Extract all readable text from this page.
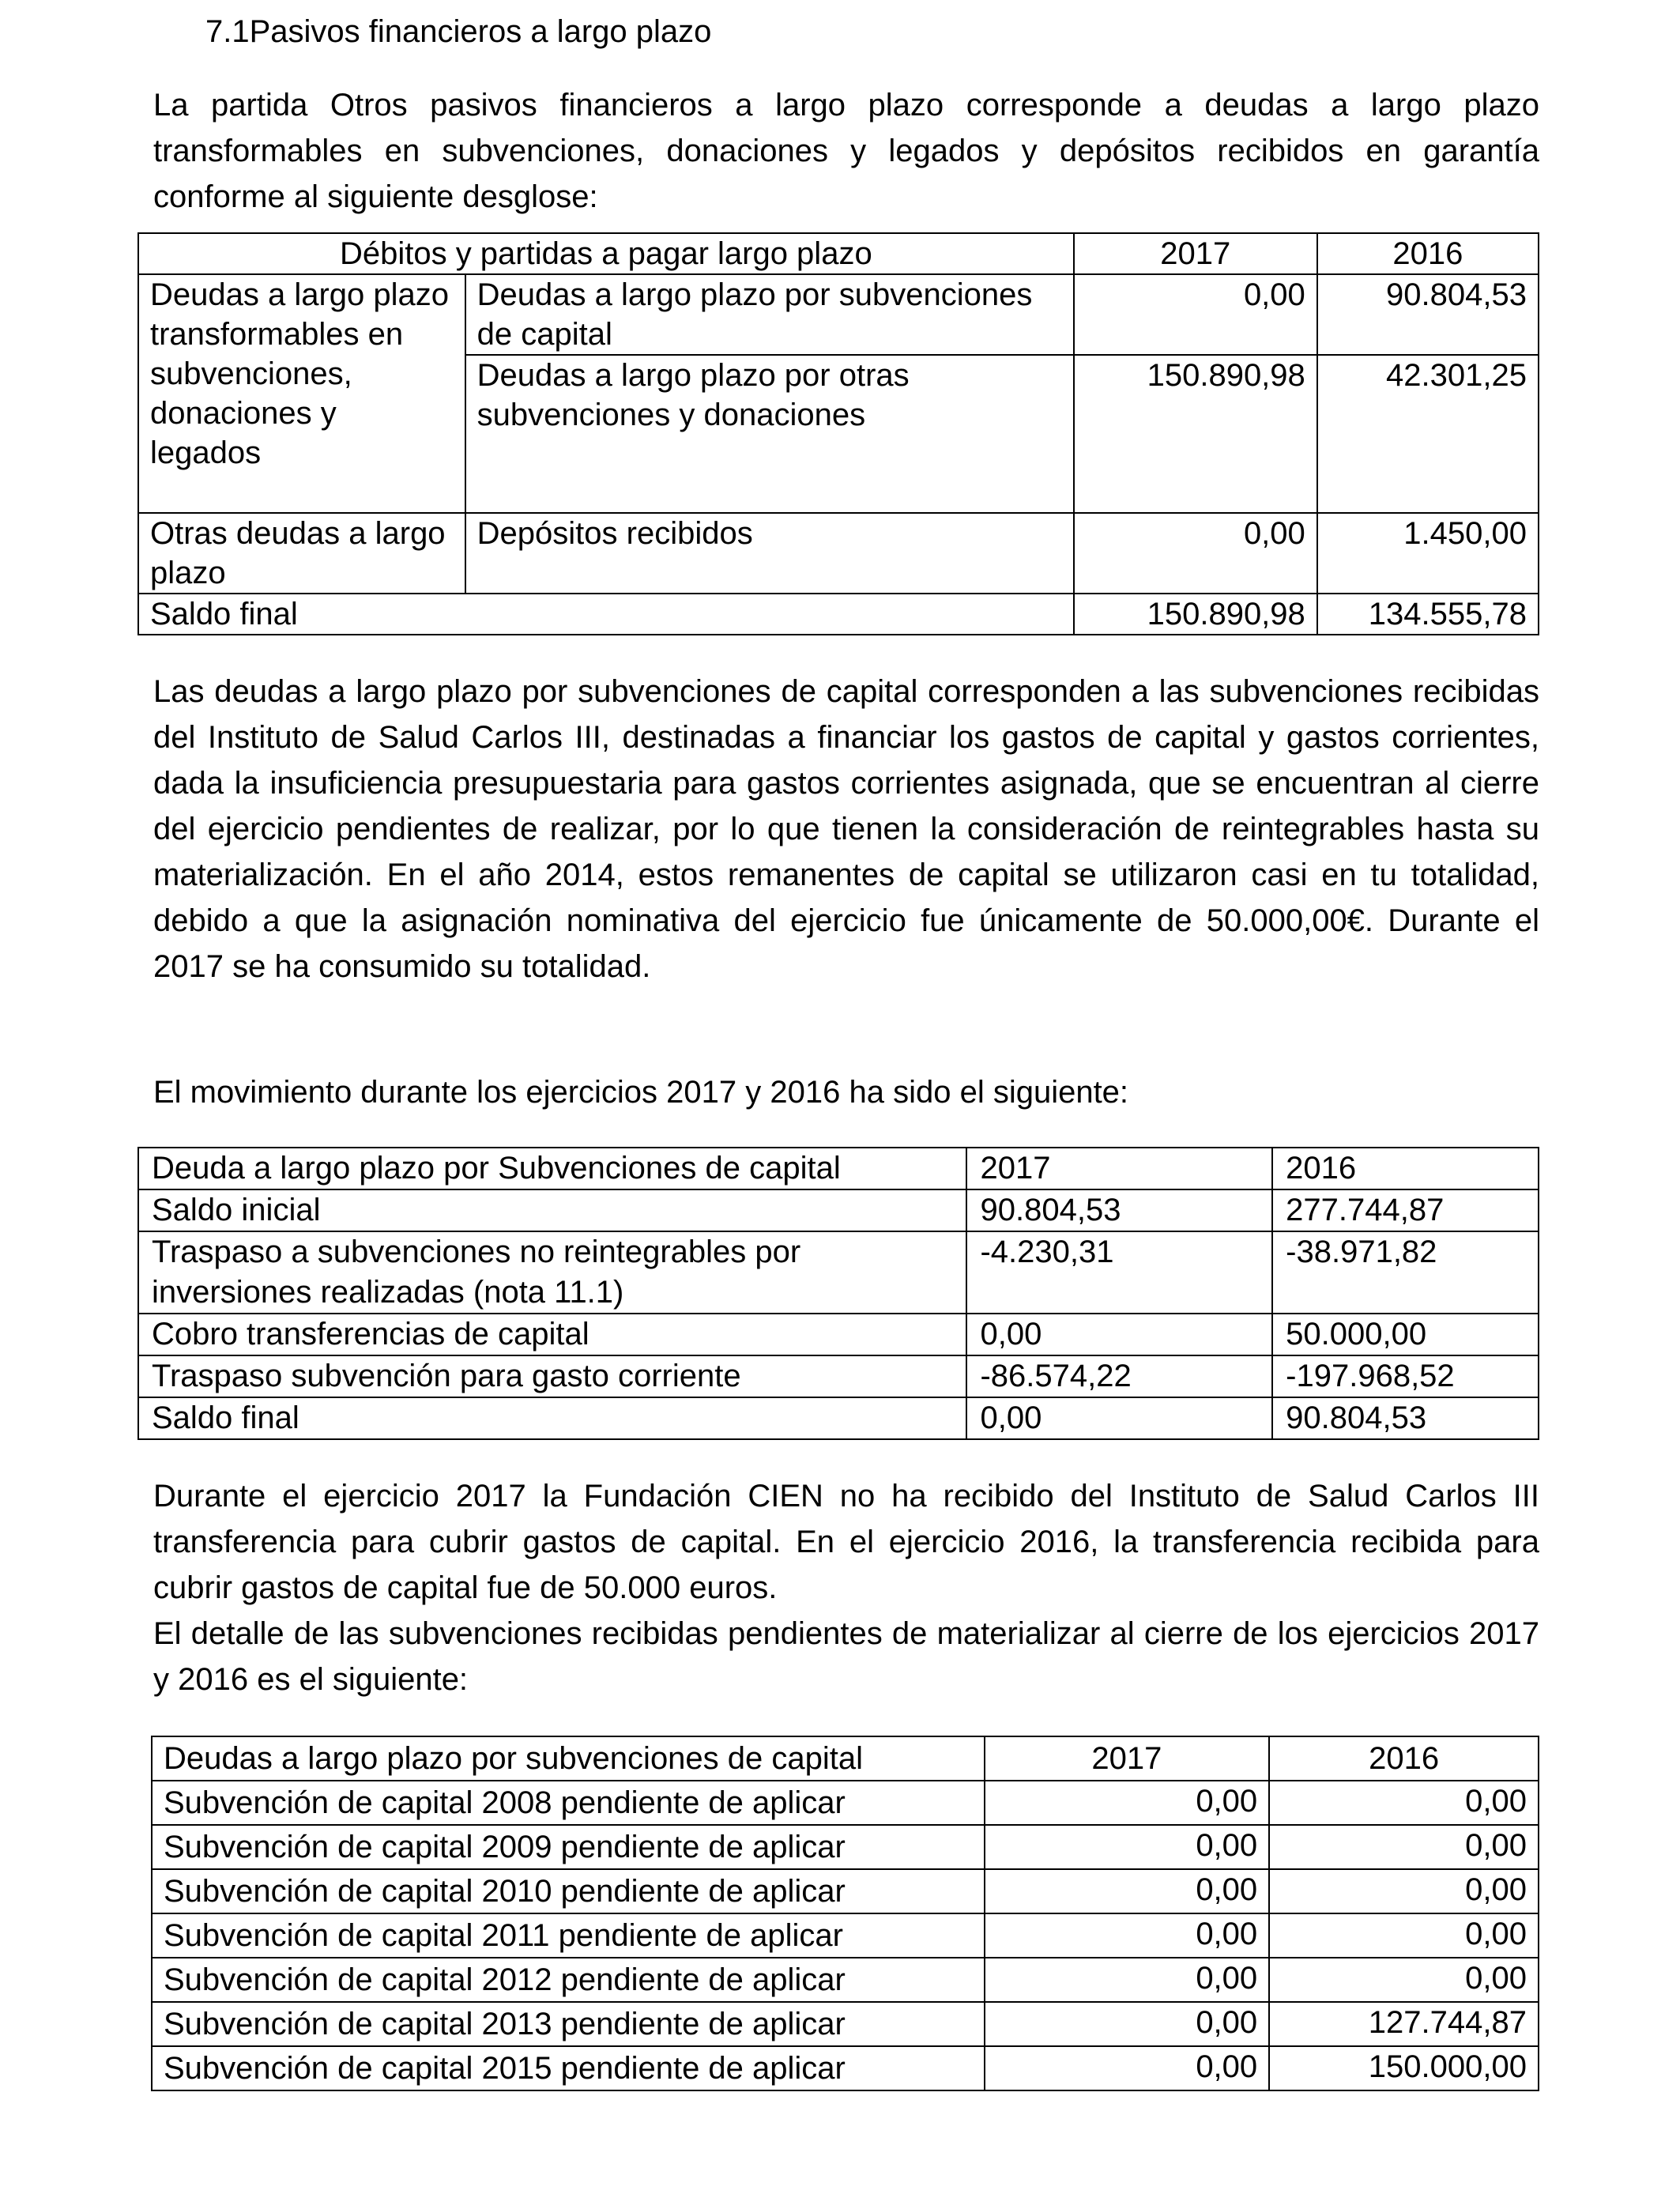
7.1Pasivos financieros a largo plazo

La partida Otros pasivos financieros a largo plazo corresponde a deudas a largo plazo transformables en subvenciones, donaciones y legados y depósitos recibidos en garantía conforme al siguiente desglose:

Débitos y partidas a pagar largo plazo		2017	2016
Deudas a largo plazo transformables en subvenciones, donaciones y legados	Deudas a largo plazo por subvenciones de capital	0,00	90.804,53
	Deudas a largo plazo por otras subvenciones y donaciones	150.890,98	42.301,25
Otras deudas a largo plazo	Depósitos recibidos	0,00	1.450,00
Saldo final		150.890,98	134.555,78

Las deudas a largo plazo por subvenciones de capital corresponden a las subvenciones recibidas del Instituto de Salud Carlos III, destinadas a financiar los gastos de capital y gastos corrientes, dada la insuficiencia presupuestaria para gastos corrientes asignada, que se encuentran al cierre del ejercicio pendientes de realizar, por lo que tienen la consideración de reintegrables hasta su materialización. En el año 2014, estos remanentes de capital se utilizaron casi en tu totalidad, debido a que la asignación nominativa del ejercicio fue únicamente de 50.000,00€. Durante el 2017 se ha consumido su totalidad.

El movimiento durante los ejercicios 2017 y 2016 ha sido el siguiente:

Deuda a largo plazo por Subvenciones de capital	2017	2016
Saldo inicial	90.804,53	277.744,87
Traspaso a subvenciones no reintegrables por inversiones realizadas (nota 11.1)	-4.230,31	-38.971,82
Cobro transferencias de capital	0,00	50.000,00
Traspaso subvención para gasto corriente	-86.574,22	-197.968,52
Saldo final	0,00	90.804,53

Durante el ejercicio 2017 la Fundación CIEN no ha recibido del Instituto de Salud Carlos III transferencia para cubrir gastos de capital. En el ejercicio 2016, la transferencia recibida para cubrir gastos de capital fue de 50.000 euros.

El detalle de las subvenciones recibidas pendientes de materializar al cierre de los ejercicios 2017 y 2016 es el siguiente:

Deudas a largo plazo por subvenciones de capital	2017	2016
Subvención de capital 2008 pendiente de aplicar	0,00	0,00
Subvención de capital 2009 pendiente de aplicar	0,00	0,00
Subvención de capital 2010 pendiente de aplicar	0,00	0,00
Subvención de capital 2011 pendiente de aplicar	0,00	0,00
Subvención de capital 2012 pendiente de aplicar	0,00	0,00
Subvención de capital 2013 pendiente de aplicar	0,00	127.744,87
Subvención de capital 2015 pendiente de aplicar	0,00	150.000,00
